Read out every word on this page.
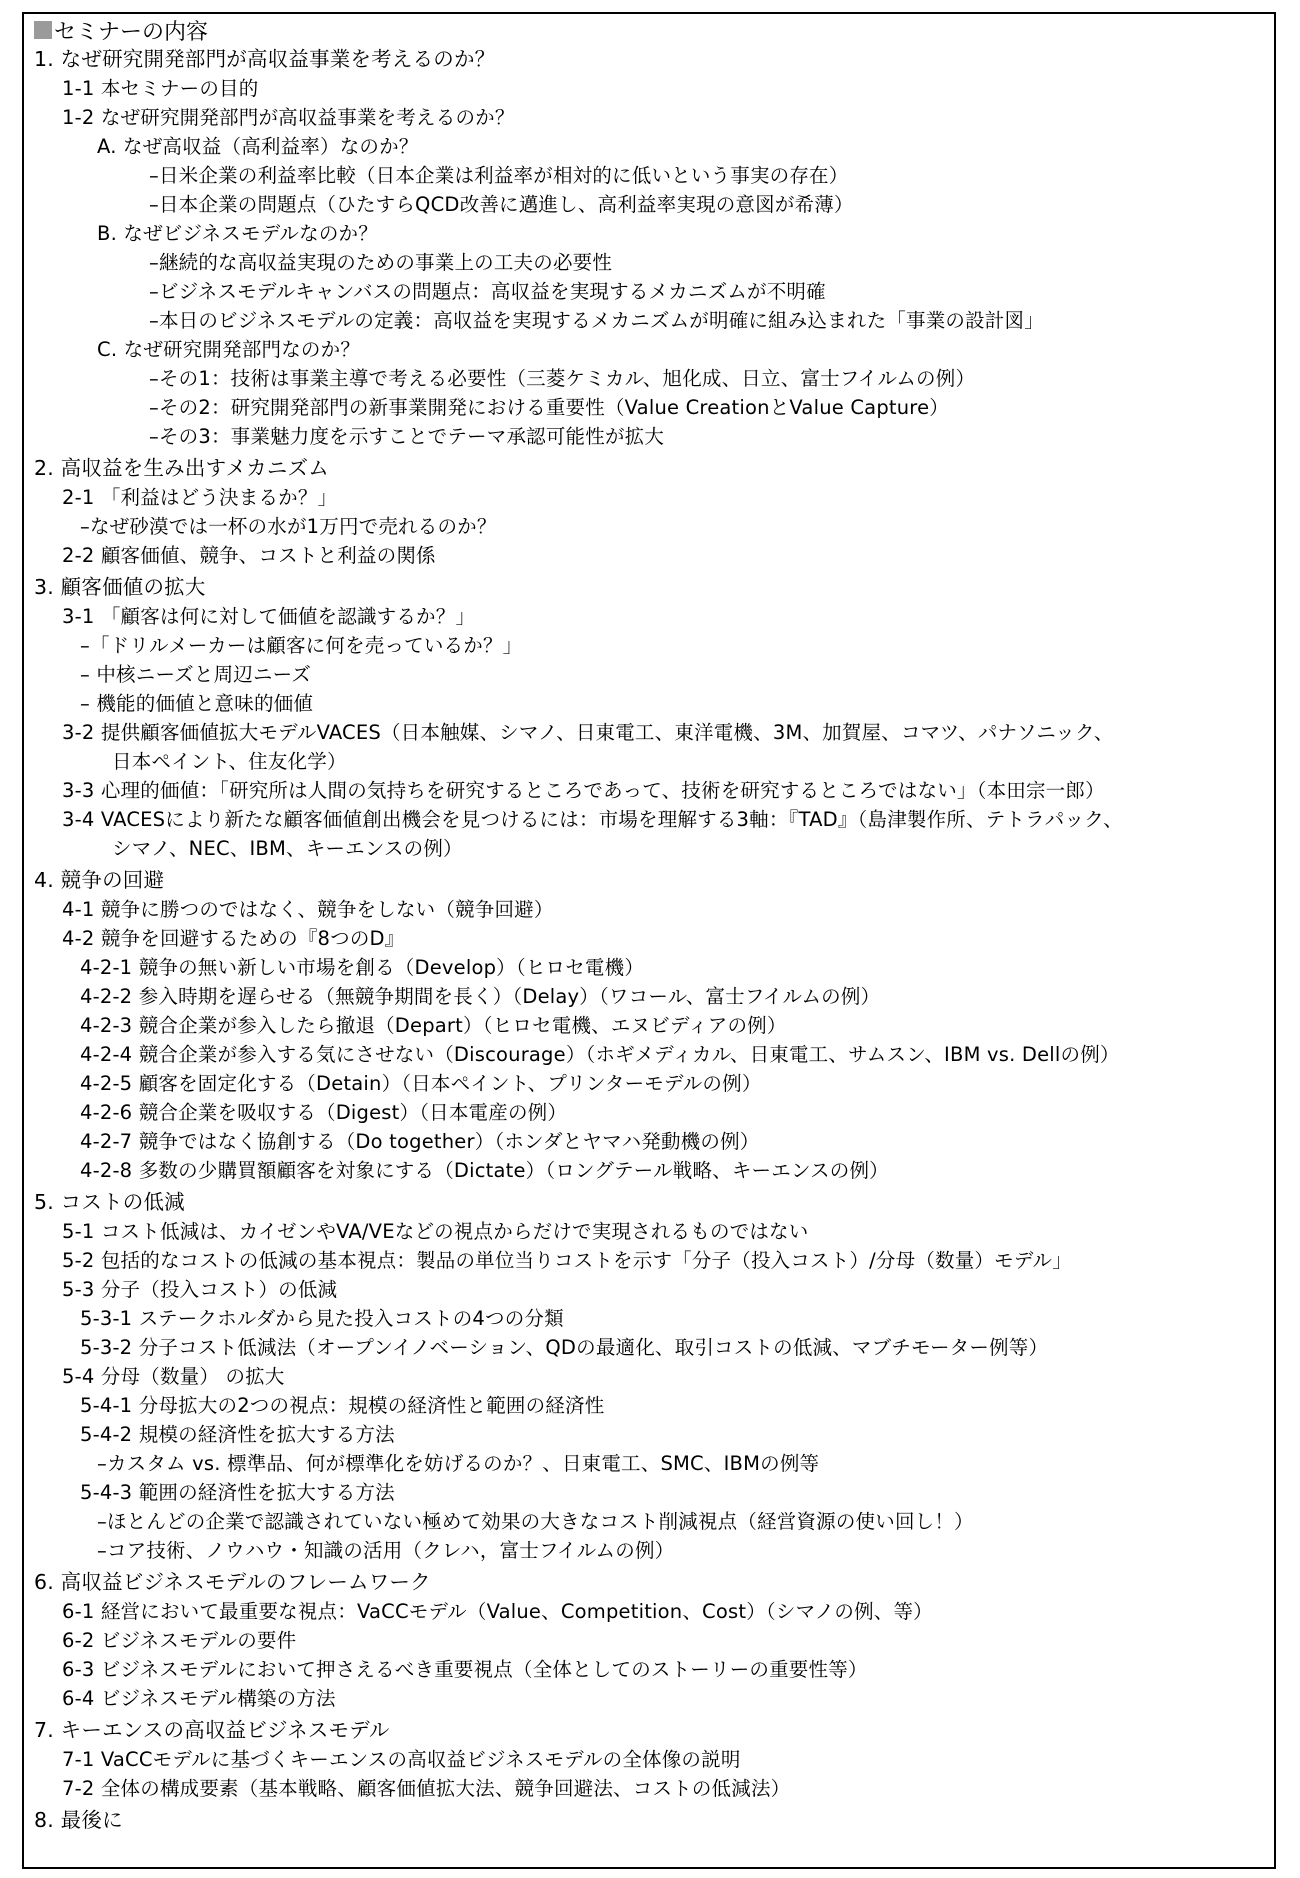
セミナーの内容
1. なぜ研究開発部門が高収益事業を考えるのか？
1-1 本セミナーの目的
1-2 なぜ研究開発部門が高収益事業を考えるのか？
A. なぜ高収益（高利益率）なのか？
–日米企業の利益率比較（日本企業は利益率が相対的に低いという事実の存在）
–日本企業の問題点（ひたすらQCD改善に邁進し、高利益率実現の意図が希薄）
B. なぜビジネスモデルなのか？
–継続的な高収益実現のための事業上の工夫の必要性
–ビジネスモデルキャンバスの問題点：高収益を実現するメカニズムが不明確
–本日のビジネスモデルの定義：高収益を実現するメカニズムが明確に組み込まれた「事業の設計図」
C. なぜ研究開発部門なのか？
–その1：技術は事業主導で考える必要性（三菱ケミカル、旭化成、日立、富士フイルムの例）
–その2：研究開発部門の新事業開発における重要性（Value CreationとValue Capture）
–その3：事業魅力度を示すことでテーマ承認可能性が拡大
2. 高収益を生み出すメカニズム
2-1 「利益はどう決まるか？」
–なぜ砂漠では一杯の水が1万円で売れるのか？
2-2 顧客価値、競争、コストと利益の関係
3. 顧客価値の拡大
3-1 「顧客は何に対して価値を認識するか？」
–「ドリルメーカーは顧客に何を売っているか？」
– 中核ニーズと周辺ニーズ
– 機能的価値と意味的価値
3-2 提供顧客価値拡大モデルVACES（日本触媒、シマノ、日東電工、東洋電機、3M、加賀屋、コマツ、パナソニック、
日本ペイント、住友化学）
3-3 心理的価値：「研究所は人間の気持ちを研究するところであって、技術を研究するところではない」（本田宗一郎）
3-4 VACESにより新たな顧客価値創出機会を見つけるには：市場を理解する3軸：『TAD』（島津製作所、テトラパック、
シマノ、NEC、IBM、キーエンスの例）
4. 競争の回避
4-1 競争に勝つのではなく、競争をしない（競争回避）
4-2 競争を回避するための『8つのD』
4-2-1 競争の無い新しい市場を創る（Develop）（ヒロセ電機）
4-2-2 参入時期を遅らせる（無競争期間を長く）（Delay）（ワコール、富士フイルムの例）
4-2-3 競合企業が参入したら撤退（Depart）（ヒロセ電機、エヌビディアの例）
4-2-4 競合企業が参入する気にさせない（Discourage）（ホギメディカル、日東電工、サムスン、IBM vs. Dellの例）
4-2-5 顧客を固定化する（Detain）（日本ペイント、プリンターモデルの例）
4-2-6 競合企業を吸収する（Digest）（日本電産の例）
4-2-7 競争ではなく協創する（Do together）（ホンダとヤマハ発動機の例）
4-2-8 多数の少購買額顧客を対象にする（Dictate）（ロングテール戦略、キーエンスの例）
5. コストの低減
5-1 コスト低減は、カイゼンやVA/VEなどの視点からだけで実現されるものではない
5-2 包括的なコストの低減の基本視点：製品の単位当りコストを示す「分子（投入コスト）/分母（数量）モデル」
5-3 分子（投入コスト）の低減
5-3-1 ステークホルダから見た投入コストの4つの分類
5-3-2 分子コスト低減法（オープンイノベーション、QDの最適化、取引コストの低減、マブチモーター例等）
5-4 分母（数量） の拡大
5-4-1 分母拡大の2つの視点：規模の経済性と範囲の経済性
5-4-2 規模の経済性を拡大する方法
–カスタム vs. 標準品、何が標準化を妨げるのか？、日東電工、SMC、IBMの例等
5-4-3 範囲の経済性を拡大する方法
–ほとんどの企業で認識されていない極めて効果の大きなコスト削減視点（経営資源の使い回し！）
–コア技術、ノウハウ・知識の活用（クレハ，富士フイルムの例）
6. 高収益ビジネスモデルのフレームワーク
6-1 経営において最重要な視点：VaCCモデル（Value、Competition、Cost）（シマノの例、等）
6-2 ビジネスモデルの要件
6-3 ビジネスモデルにおいて押さえるべき重要視点（全体としてのストーリーの重要性等）
6-4 ビジネスモデル構築の方法
7. キーエンスの高収益ビジネスモデル
7-1 VaCCモデルに基づくキーエンスの高収益ビジネスモデルの全体像の説明
7-2 全体の構成要素（基本戦略、顧客価値拡大法、競争回避法、コストの低減法）
8. 最後に
